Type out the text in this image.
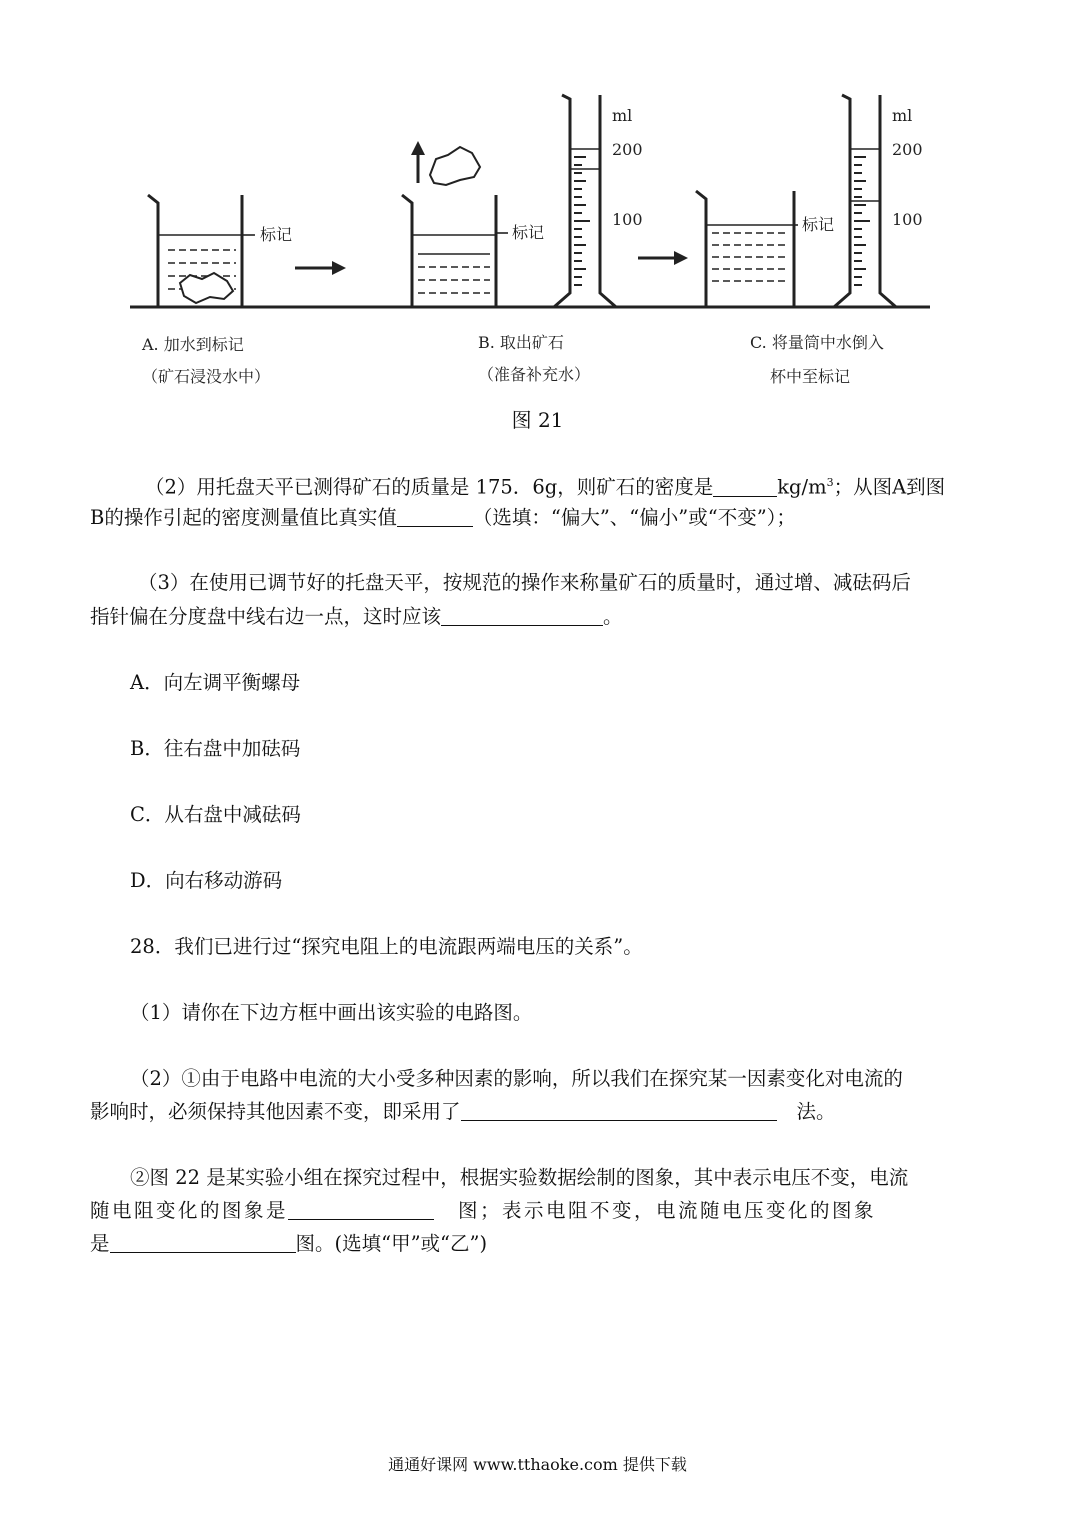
标记	标记
ml
200
100	标记
ml
200
100
A. 加水到标记
（矿石浸没水中）
B. 取出矿石
（准备补充水）
C. 将量筒中水倒入
杯中至标记
图 21
（2）用托盘天平已测得矿石的质量是 175．6g，则矿石的密度是	$kg/m^3$；从图A到图
B的操作引起的密度测量值比真实值	（选填：“偏大”、“偏小”或“不变”）；
（3）在使用已调节好的托盘天平，按规范的操作来称量矿石的质量时，通过增、减砝码后
指针偏在分度盘中线右边一点，这时应该	。
A．向左调平衡螺母
B．往右盘中加砝码
C．从右盘中减砝码
D．向右移动游码
28．我们已进行过“探究电阻上的电流跟两端电压的关系”。
（1）请你在下边方框中画出该实验的电路图。
（2）①由于电路中电流的大小受多种因素的影响，所以我们在探究某一因素变化对电流的
影响时，必须保持其他因素不变，即采用了	法。
②图 22 是某实验小组在探究过程中，根据实验数据绘制的图象，其中表示电压不变，电流
随电阻变化的图象是	图；表示电阻不变，电流随电压变化的图象
是	图。(选填“甲”或“乙”)
通通好课网 www.tthaoke.com 提供下载
